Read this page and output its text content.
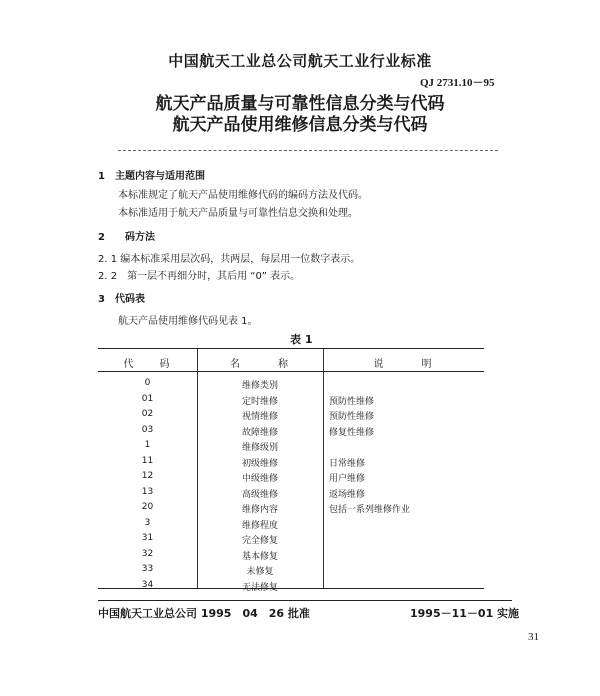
中国航天工业总公司航天工业行业标准
QJ 2731.10－95
航天产品质量与可靠性信息分类与代码
航天产品使用维修信息分类与代码
1　主题内容与适用范围
本标准规定了航天产品使用维修代码的编码方法及代码。
本标准适用于航天产品质量与可靠性信息交换和处理。
2　　码方法
2. 1 编本标准采用层次码，共两层，每层用一位数字表示。
2. 2　第一层不再细分时，其后用 “0” 表示。
3　代码表
航天产品使用维修代码见表 1。
表 1
代　　码	名　　　称	说　　　明
0	维修类别
01	定时维修	预防性维修
02	视情维修	预防性维修
03	故障维修	修复性维修
1	维修级别
11	初级维修	日常维修
12	中级维修	用户维修
13	高级维修	返场维修
20	维修内容	包括一系列维修作业
3	维修程度
31	完全修复
32	基本修复
33	未修复
34	无法修复
中国航天工业总公司 1995　04　26 批准	1995－11－01 实施
31
